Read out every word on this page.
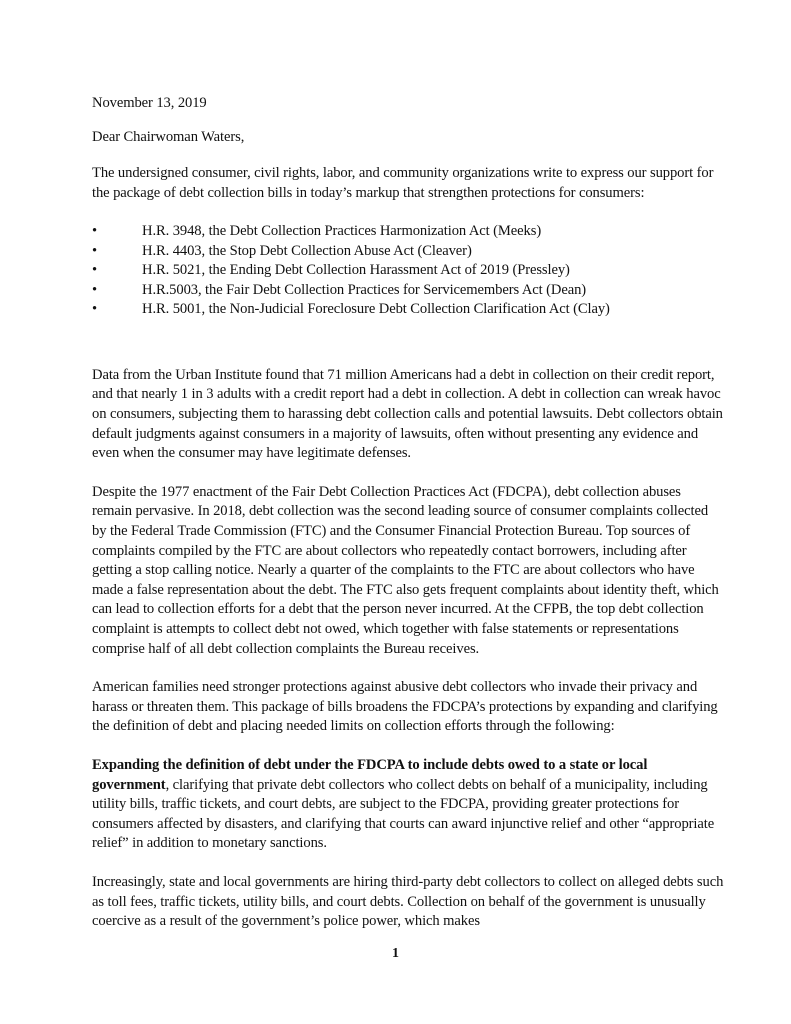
November 13, 2019
Dear Chairwoman Waters,

The undersigned consumer, civil rights, labor, and community organizations write to express our support for the package of debt collection bills in today’s markup that strengthen protections for consumers:

•	H.R. 3948, the Debt Collection Practices Harmonization Act (Meeks)
•	H.R. 4403, the Stop Debt Collection Abuse Act (Cleaver)
•	H.R. 5021, the Ending Debt Collection Harassment Act of 2019 (Pressley)
•	H.R.5003, the Fair Debt Collection Practices for Servicemembers Act (Dean)
•	H.R. 5001, the Non-Judicial Foreclosure Debt Collection Clarification Act (Clay)

Data from the Urban Institute found that 71 million Americans had a debt in collection on their credit report, and that nearly 1 in 3 adults with a credit report had a debt in collection. A debt in collection can wreak havoc on consumers, subjecting them to harassing debt collection calls and potential lawsuits. Debt collectors obtain default judgments against consumers in a majority of lawsuits, often without presenting any evidence and even when the consumer may have legitimate defenses.

Despite the 1977 enactment of the Fair Debt Collection Practices Act (FDCPA), debt collection abuses remain pervasive. In 2018, debt collection was the second leading source of consumer complaints collected by the Federal Trade Commission (FTC) and the Consumer Financial Protection Bureau. Top sources of complaints compiled by the FTC are about collectors who repeatedly contact borrowers, including after getting a stop calling notice. Nearly a quarter of the complaints to the FTC are about collectors who have made a false representation about the debt. The FTC also gets frequent complaints about identity theft, which can lead to collection efforts for a debt that the person never incurred. At the CFPB, the top debt collection complaint is attempts to collect debt not owed, which together with false statements or representations comprise half of all debt collection complaints the Bureau receives.

American families need stronger protections against abusive debt collectors who invade their privacy and harass or threaten them. This package of bills broadens the FDCPA’s protections by expanding and clarifying the definition of debt and placing needed limits on collection efforts through the following:

Expanding the definition of debt under the FDCPA to include debts owed to a state or local government, clarifying that private debt collectors who collect debts on behalf of a municipality, including utility bills, traffic tickets, and court debts, are subject to the FDCPA, providing greater protections for consumers affected by disasters, and clarifying that courts can award injunctive relief and other “appropriate relief” in addition to monetary sanctions.

Increasingly, state and local governments are hiring third-party debt collectors to collect on alleged debts such as toll fees, traffic tickets, utility bills, and court debts. Collection on behalf of the government is unusually coercive as a result of the government’s police power, which makes

1
